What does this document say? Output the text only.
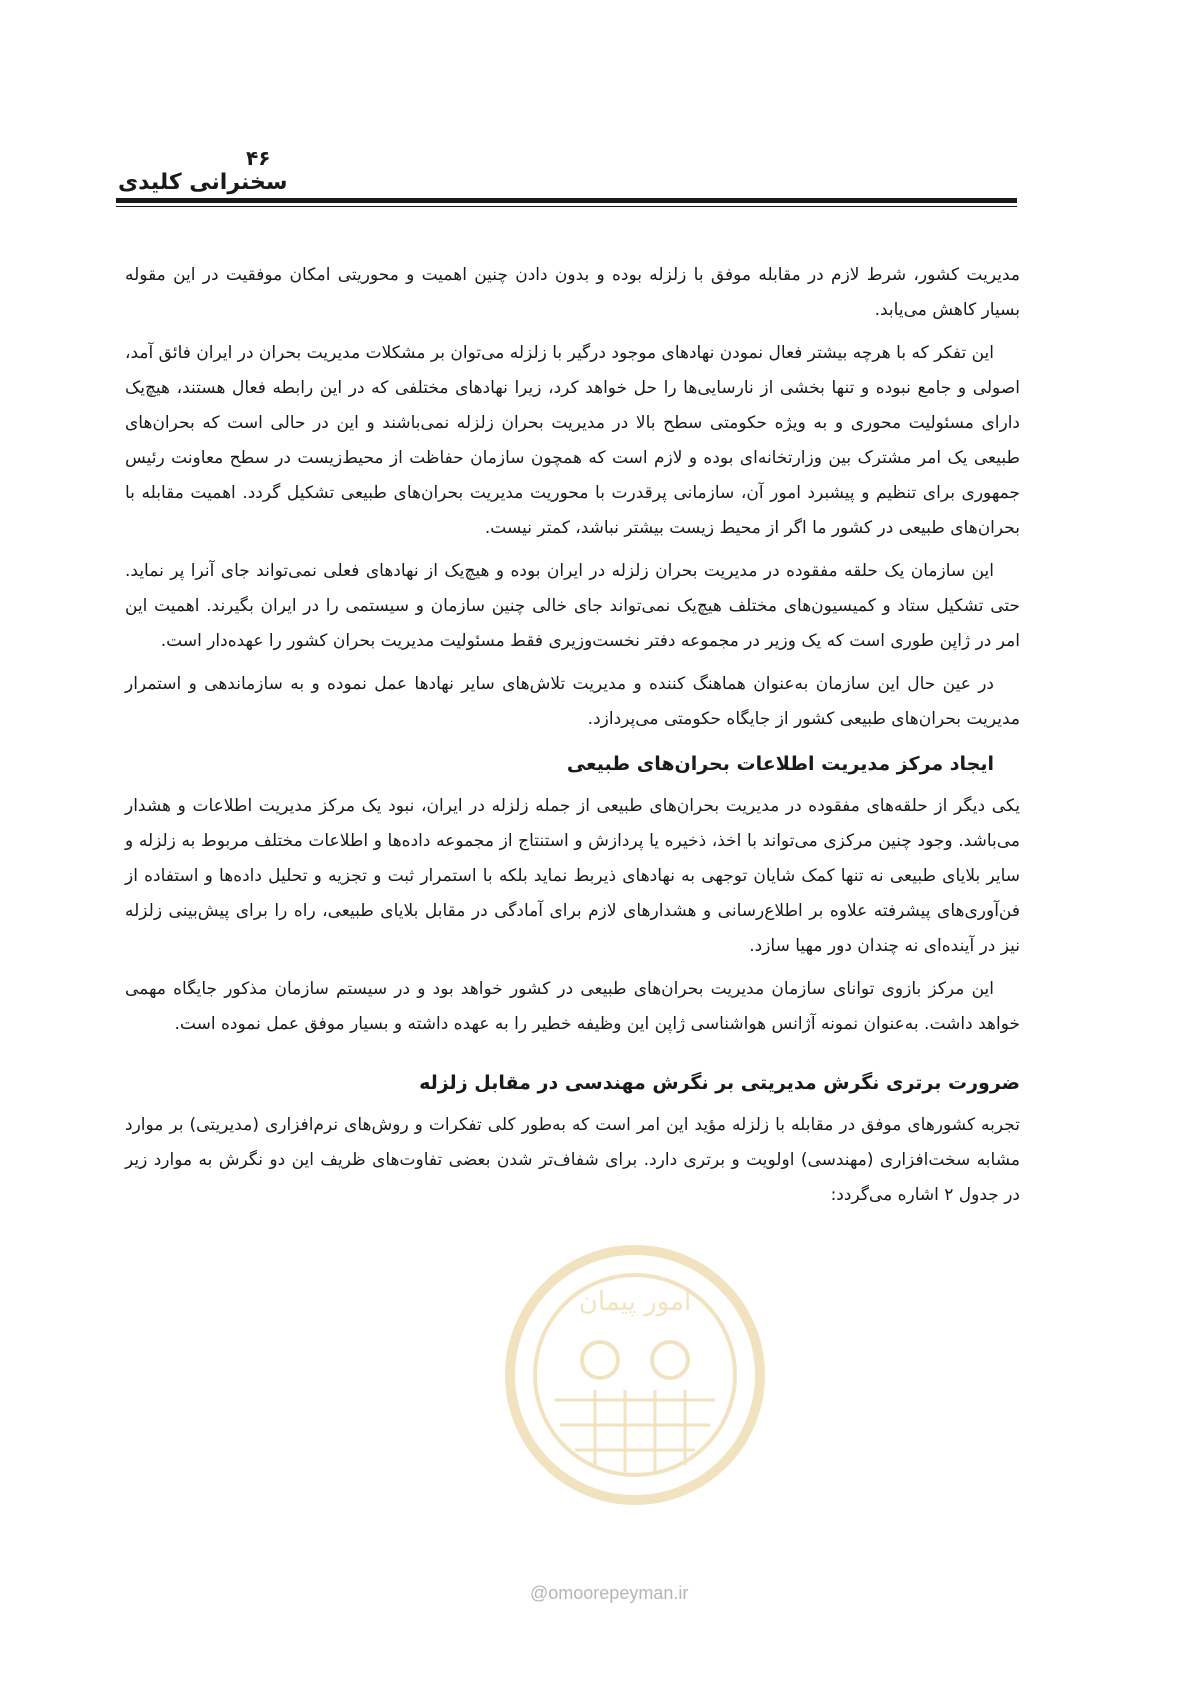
۴۶
سخنرانی کلیدی

مدیریت کشور، شرط لازم در مقابله موفق با زلزله بوده و بدون دادن چنین اهمیت و محوریتی امکان موفقیت در این مقوله بسیار کاهش می‌یابد.

این تفکر که با هرچه بیشتر فعال نمودن نهادهای موجود درگیر با زلزله می‌توان بر مشکلات مدیریت بحران در ایران فائق آمد، اصولی و جامع نبوده و تنها بخشی از نارسایی‌ها را حل خواهد کرد، زیرا نهادهای مختلفی که در این رابطه فعال هستند، هیچ‌یک دارای مسئولیت محوری و به ویژه حکومتی سطح بالا در مدیریت بحران زلزله نمی‌باشند و این در حالی است که بحران‌های طبیعی یک امر مشترک بین وزارتخانه‌ای بوده و لازم است که همچون سازمان حفاظت از محیط‌زیست در سطح معاونت رئیس جمهوری برای تنظیم و پیشبرد امور آن، سازمانی پرقدرت با محوریت مدیریت بحران‌های طبیعی تشکیل گردد. اهمیت مقابله با بحران‌های طبیعی در کشور ما اگر از محیط زیست بیشتر نباشد، کمتر نیست.

این سازمان یک حلقه مفقوده در مدیریت بحران زلزله در ایران بوده و هیچ‌یک از نهادهای فعلی نمی‌تواند جای آنرا پر نماید. حتی تشکیل ستاد و کمیسیون‌های مختلف هیچ‌یک نمی‌تواند جای خالی چنین سازمان و سیستمی را در ایران بگیرند. اهمیت این امر در ژاپن طوری است که یک وزیر در مجموعه دفتر نخست‌وزیری فقط مسئولیت مدیریت بحران کشور را عهده‌دار است.

در عین حال این سازمان به‌عنوان هماهنگ کننده و مدیریت تلاش‌های سایر نهادها عمل نموده و به سازماندهی و استمرار مدیریت بحران‌های طبیعی کشور از جایگاه حکومتی می‌پردازد.

ایجاد مرکز مدیریت اطلاعات بحران‌های طبیعی

یکی دیگر از حلقه‌های مفقوده در مدیریت بحران‌های طبیعی از جمله زلزله در ایران، نبود یک مرکز مدیریت اطلاعات و هشدار می‌باشد. وجود چنین مرکزی می‌تواند با اخذ، ذخیره یا پردازش و استنتاج از مجموعه داده‌ها و اطلاعات مختلف مربوط به زلزله و سایر بلایای طبیعی نه تنها کمک شایان توجهی به نهادهای ذیربط نماید بلکه با استمرار ثبت و تجزیه و تحلیل داده‌ها و استفاده از فن‌آوری‌های پیشرفته علاوه بر اطلاع‌رسانی و هشدارهای لازم برای آمادگی در مقابل بلایای طبیعی، راه را برای پیش‌بینی زلزله نیز در آینده‌ای نه چندان دور مهیا سازد.

این مرکز بازوی توانای سازمان مدیریت بحران‌های طبیعی در کشور خواهد بود و در سیستم سازمان مذکور جایگاه مهمی خواهد داشت. به‌عنوان نمونه آژانس هواشناسی ژاپن این وظیفه خطیر را به عهده داشته و بسیار موفق عمل نموده است.

ضرورت برتری نگرش مدیریتی بر نگرش مهندسی در مقابل زلزله

تجربه کشورهای موفق در مقابله با زلزله مؤید این امر است که به‌طور کلی تفکرات و روش‌های نرم‌افزاری (مدیریتی) بر موارد مشابه سخت‌افزاری (مهندسی) اولویت و برتری دارد. برای شفاف‌تر شدن بعضی تفاوت‌های ظریف این دو نگرش به موارد زیر در جدول ۲ اشاره می‌گردد:

امور پیمان
@omoorepeyman.ir
